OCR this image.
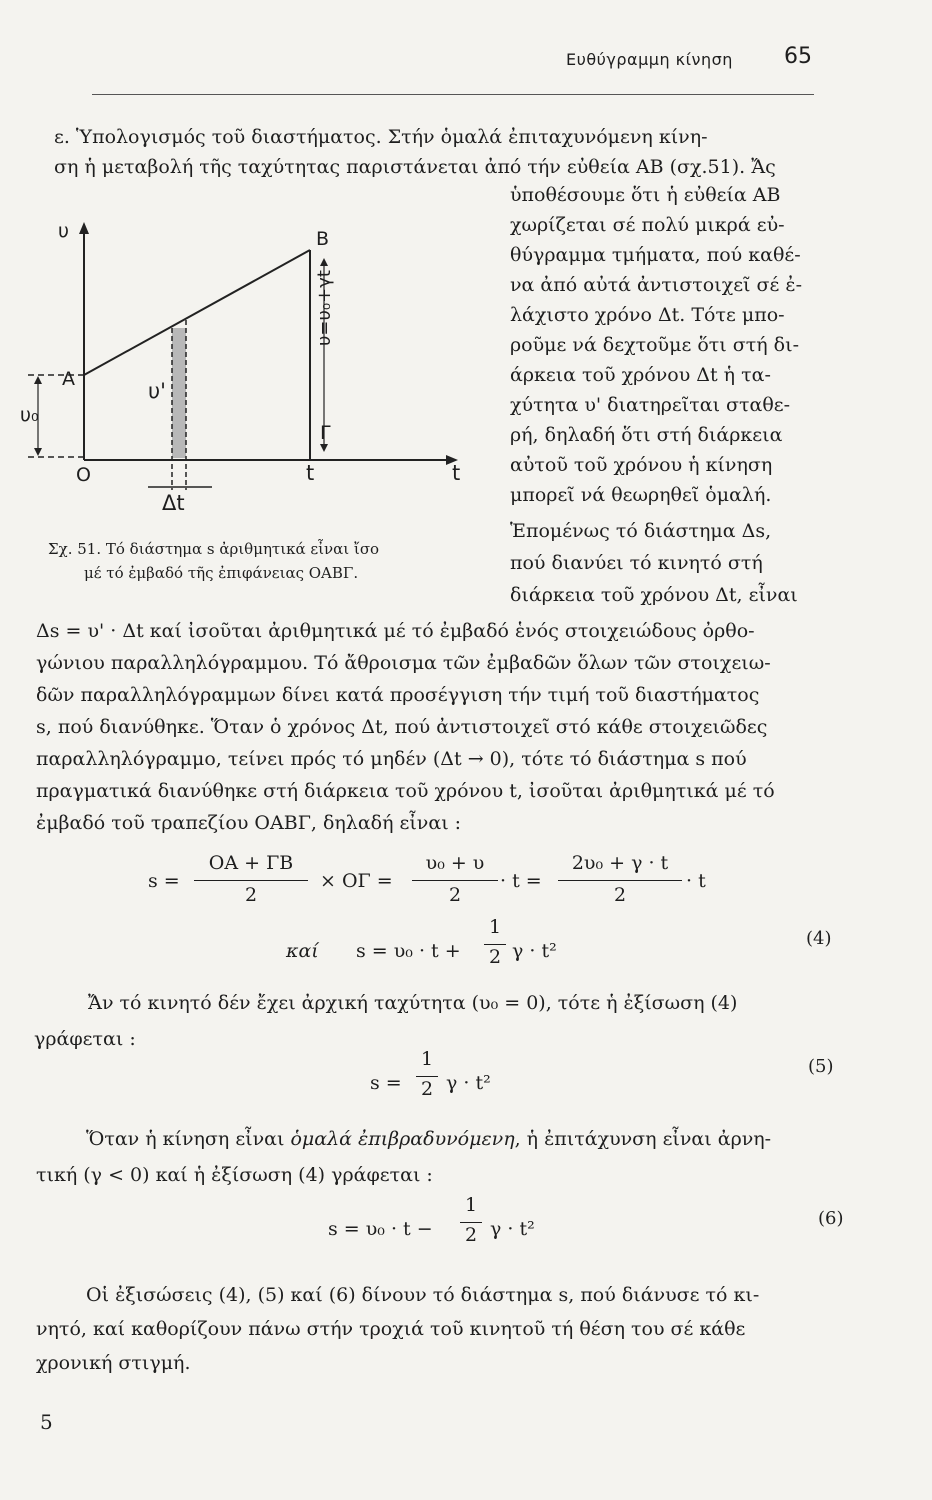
Ευθύγραμμη κίνηση 65
ε. Ὑπολογισμός τοῦ διαστήματος. Στήν ὁμαλά ἐπιταχυνόμενη κίνη-
ση ἡ μεταβολή τῆς ταχύτητας παριστάνεται ἀπό τήν εὐθεία ΑΒ (σχ.51). Ἄς
υ	B
A
υ₀
υ'
Γ
O	t	t
Δt
υ=υ₀+γt
Σχ. 51. Τό διάστημα s ἀριθμητικά εἶναι ἴσο
μέ τό ἐμβαδό τῆς ἐπιφάνειας ΟΑΒΓ.
ὑποθέσουμε ὅτι ἡ εὐθεία ΑΒ
χωρίζεται σέ πολύ μικρά εὐ-
θύγραμμα τμήματα, πού καθέ-
να ἀπό αὐτά ἀντιστοιχεῖ σέ ἐ-
λάχιστο χρόνο Δt. Τότε μπο-
ροῦμε νά δεχτοῦμε ὅτι στή δι-
άρκεια τοῦ χρόνου Δt ἡ τα-
χύτητα υ' διατηρεῖται σταθε-
ρή, δηλαδή ὅτι στή διάρκεια
αὐτοῦ τοῦ χρόνου ἡ κίνηση
μπορεῖ νά θεωρηθεῖ ὁμαλή.
Ἑπομένως τό διάστημα Δs,
πού διανύει τό κινητό στή
διάρκεια τοῦ χρόνου Δt, εἶναι
Δs = υ' · Δt καί ἰσοῦται ἀριθμητικά μέ τό ἐμβαδό ἑνός στοιχειώδους ὀρθο-
γώνιου παραλληλόγραμμου. Τό ἄθροισμα τῶν ἐμβαδῶν ὅλων τῶν στοιχειω-
δῶν παραλληλόγραμμων δίνει κατά προσέγγιση τήν τιμή τοῦ διαστήματος
s, πού διανύθηκε. Ὅταν ὁ χρόνος Δt, πού ἀντιστοιχεῖ στό κάθε στοιχειῶδες
παραλληλόγραμμο, τείνει πρός τό μηδέν (Δt → 0), τότε τό διάστημα s πού
πραγματικά διανύθηκε στή διάρκεια τοῦ χρόνου t, ἰσοῦται ἀριθμητικά μέ τό
ἐμβαδό τοῦ τραπεζίου ΟΑΒΓ, δηλαδή εἶναι :
s =
ΟΑ + ΓΒ
2
× ΟΓ =
υ₀ + υ
2
· t =
2υ₀ + γ · t
2
· t
καί s = υ₀ · t +
1
2 γ · t²
(4)
Ἄν τό κινητό δέν ἔχει ἀρχική ταχύτητα (υ₀ = 0), τότε ἡ ἐξίσωση (4)
γράφεται :
s =
1
2 γ · t²
(5)
Ὅταν ἡ κίνηση εἶναι ὁμαλά ἐπιβραδυνόμενη, ἡ ἐπιτάχυνση εἶναι ἀρνη-
τική (γ < 0) καί ἡ ἐξίσωση (4) γράφεται :
s = υ₀ · t −
1
2 γ · t²	(6)
Οἱ ἐξισώσεις (4), (5) καί (6) δίνουν τό διάστημα s, πού διάνυσε τό κι-
νητό, καί καθορίζουν πάνω στήν τροχιά τοῦ κινητοῦ τή θέση του σέ κάθε
χρονική στιγμή.
5
